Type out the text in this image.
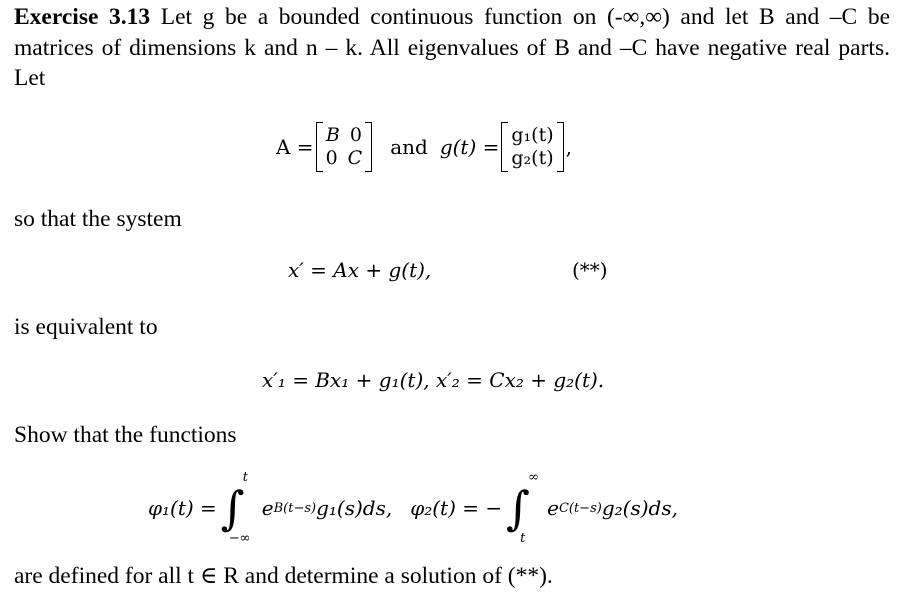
Exercise 3.13 Let g be a bounded continuous function on (-∞,∞) and let B and –C be matrices of dimensions k and n – k. All eigenvalues of B and –C have negative real parts. Let
A = B 0
0 C and g(t) = g₁(t)
g₂(t) ,
so that the system
x′ = Ax + g(t),	(**)
is equivalent to
x′₁ = Bx₁ + g₁(t), x′₂ = Cx₂ + g₂(t).
Show that the functions
φ₁(t) = ∫
t
−∞
e B(t−s) g₁(s)ds, φ₂(t) = − ∫
∞
t
e C(t−s) g₂(s)ds,
are defined for all t ∈ R and determine a solution of (**).
